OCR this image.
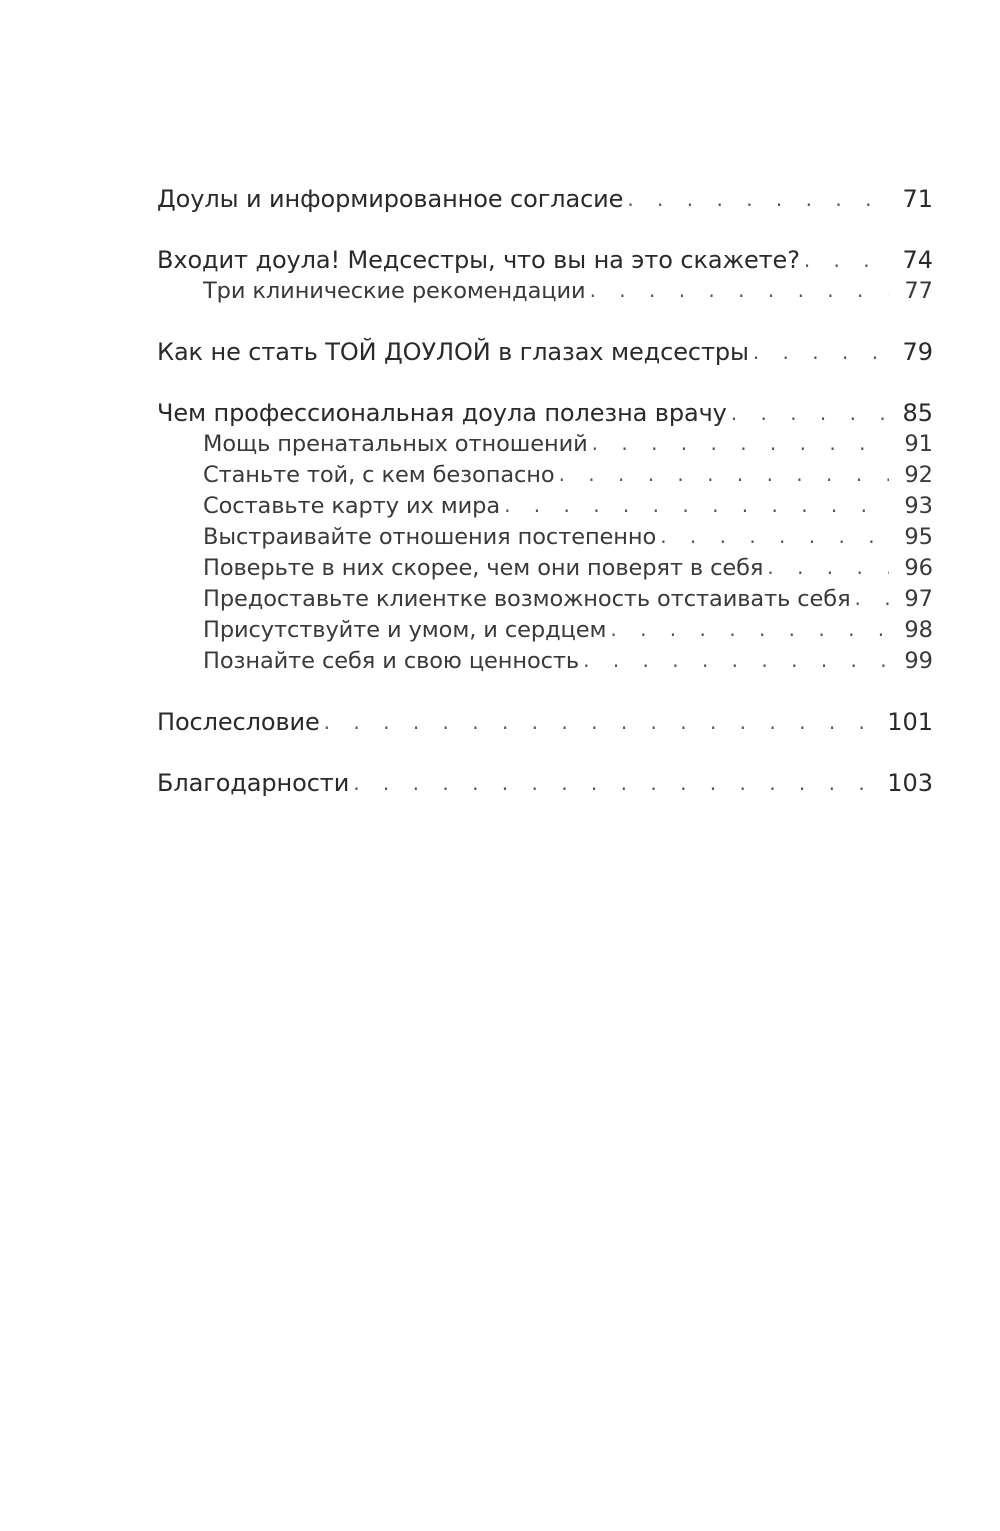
Доулы и информированное согласие . . .	71
Входит доула! Медсестры, что вы на это скажете? . . .	74
Три клинические рекомендации . . .	77
Как не стать ТОЙ ДОУЛОЙ в глазах медсестры . . .	79
Чем профессиональная доула полезна врачу . . .	85
Мощь пренатальных отношений . . .	91
Станьте той, с кем безопасно . . .	92
Составьте карту их мира . . .	93
Выстраивайте отношения постепенно . . .	95
Поверьте в них скорее, чем они поверят в себя . . .	96
Предоставьте клиентке возможность отстаивать себя . . .	97
Присутствуйте и умом, и сердцем . . .	98
Познайте себя и свою ценность . . .	99
Послесловие . . .	101
Благодарности . . .	103
